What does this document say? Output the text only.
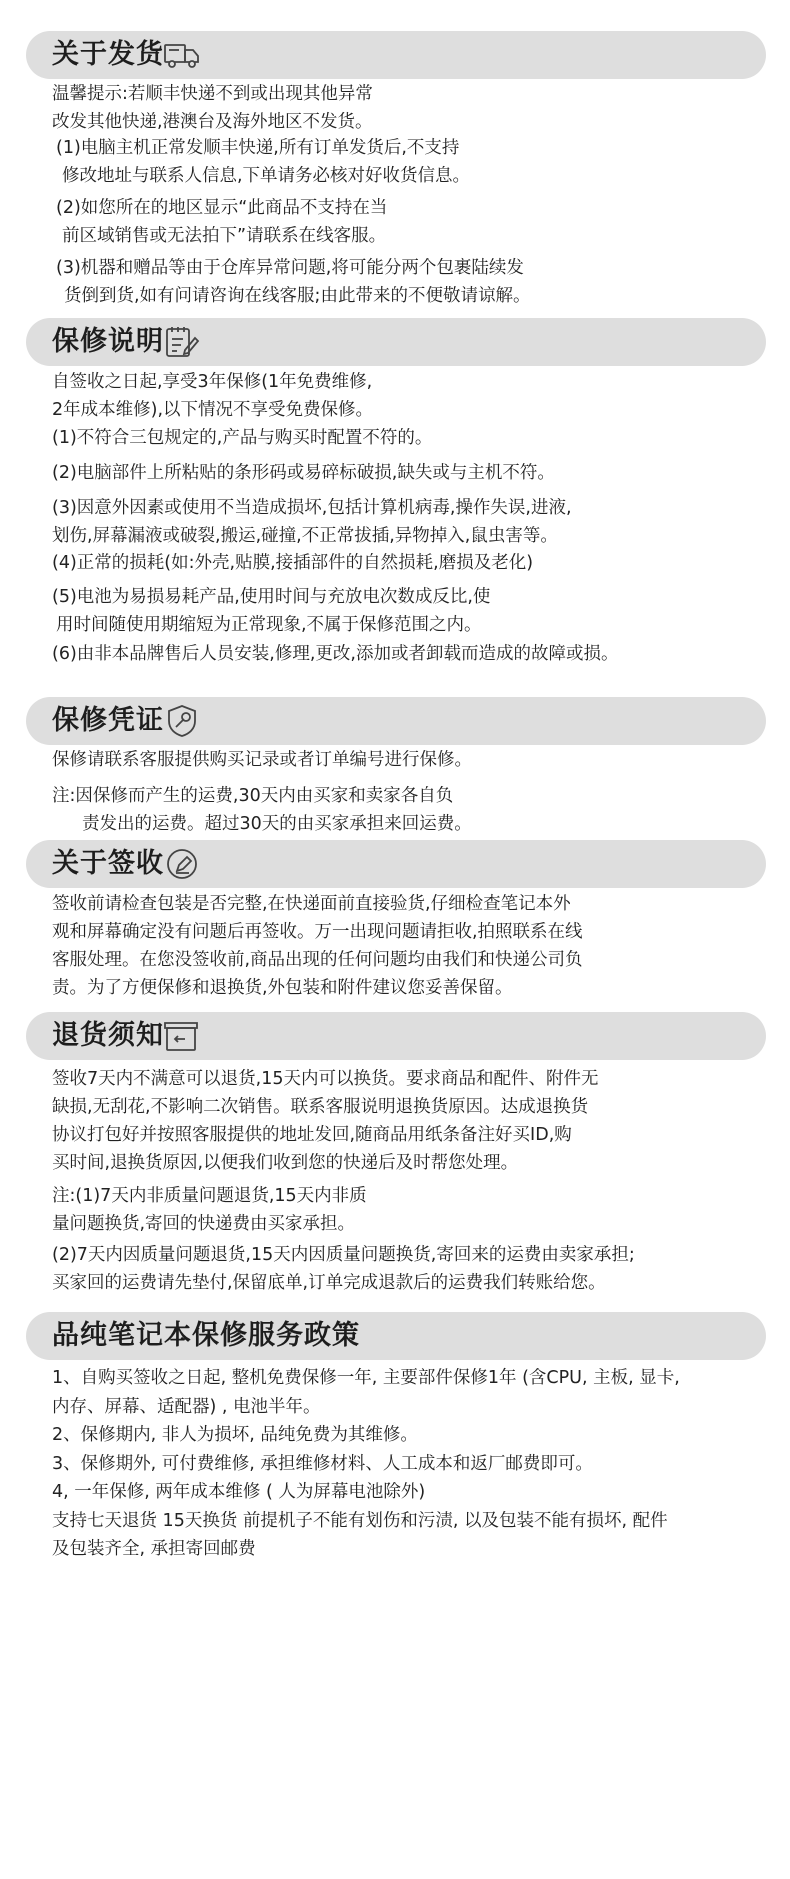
关于发货
温馨提示:若顺丰快递不到或出现其他异常
改发其他快递,港澳台及海外地区不发货。
(1)电脑主机正常发顺丰快递,所有订单发货后,不支持
修改地址与联系人信息,下单请务必核对好收货信息。
(2)如您所在的地区显示“此商品不支持在当
前区域销售或无法拍下”请联系在线客服。
(3)机器和赠品等由于仓库异常问题,将可能分两个包裹陆续发
货倒到货,如有问请咨询在线客服;由此带来的不便敬请谅解。
保修说明
自签收之日起,享受3年保修(1年免费维修,
2年成本维修),以下情况不享受免费保修。
(1)不符合三包规定的,产品与购买时配置不符的。
(2)电脑部件上所粘贴的条形码或易碎标破损,缺失或与主机不符。
(3)因意外因素或使用不当造成损坏,包括计算机病毒,操作失误,进液,
划伤,屏幕漏液或破裂,搬运,碰撞,不正常拔插,异物掉入,鼠虫害等。
(4)正常的损耗(如:外壳,贴膜,接插部件的自然损耗,磨损及老化)
(5)电池为易损易耗产品,使用时间与充放电次数成反比,使
用时间随使用期缩短为正常现象,不属于保修范围之内。
(6)由非本品牌售后人员安装,修理,更改,添加或者卸载而造成的故障或损。
保修凭证
保修请联系客服提供购买记录或者订单编号进行保修。
注:因保修而产生的运费,30天内由买家和卖家各自负
责发出的运费。超过30天的由买家承担来回运费。
关于签收
签收前请检查包装是否完整,在快递面前直接验货,仔细检查笔记本外
观和屏幕确定没有问题后再签收。万一出现问题请拒收,拍照联系在线
客服处理。在您没签收前,商品出现的任何问题均由我们和快递公司负
责。为了方便保修和退换货,外包装和附件建议您妥善保留。
退货须知
签收7天内不满意可以退货,15天内可以换货。要求商品和配件、附件无
缺损,无刮花,不影响二次销售。联系客服说明退换货原因。达成退换货
协议打包好并按照客服提供的地址发回,随商品用纸条备注好买ID,购
买时间,退换货原因,以便我们收到您的快递后及时帮您处理。
注:(1)7天内非质量问题退货,15天内非质
量问题换货,寄回的快递费由买家承担。
(2)7天内因质量问题退货,15天内因质量问题换货,寄回来的运费由卖家承担;
买家回的运费请先垫付,保留底单,订单完成退款后的运费我们转账给您。
品纯笔记本保修服务政策
1、自购买签收之日起, 整机免费保修一年, 主要部件保修1年 (含CPU, 主板, 显卡,
内存、屏幕、适配器) , 电池半年。
2、保修期内, 非人为损坏, 品纯免费为其维修。
3、保修期外, 可付费维修, 承担维修材料、人工成本和返厂邮费即可。
4, 一年保修, 两年成本维修 ( 人为屏幕电池除外)
支持七天退货 15天换货 前提机子不能有划伤和污渍, 以及包装不能有损坏, 配件
及包装齐全, 承担寄回邮费
